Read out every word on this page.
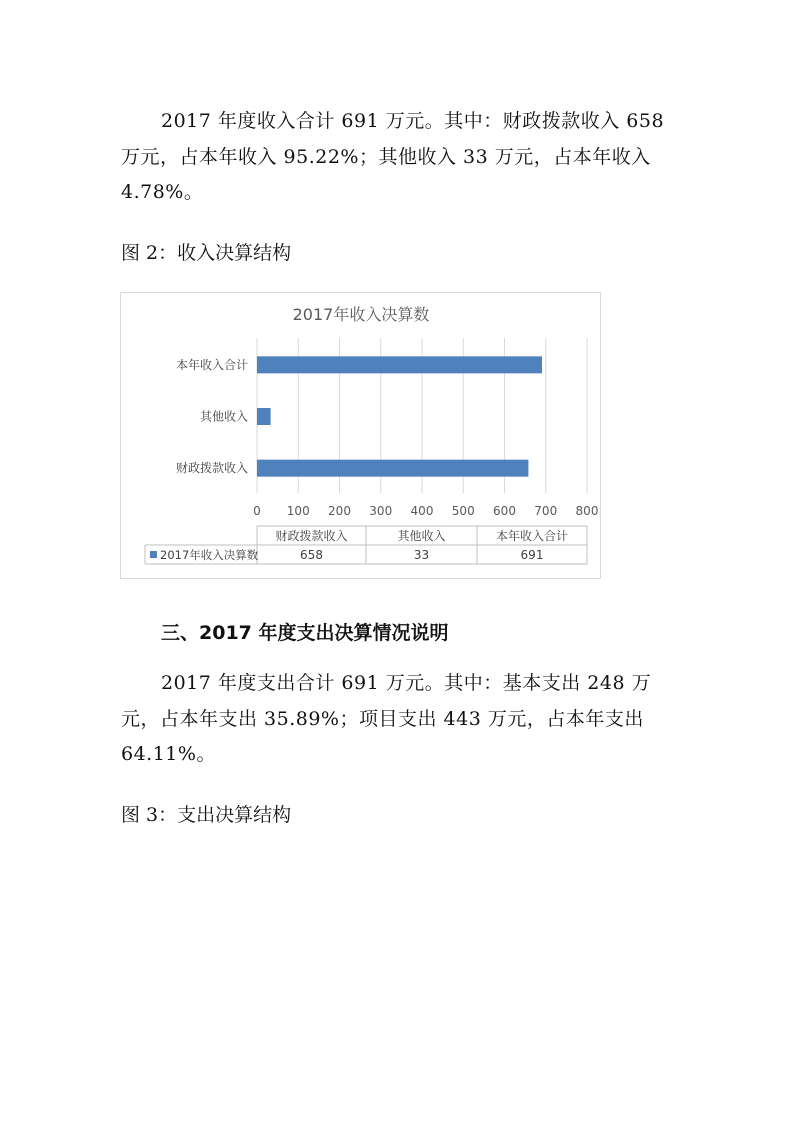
2017 年度收入合计 691 万元。其中：财政拨款收入 658 万元，占本年收入 95.22%；其他收入 33 万元，占本年收入 4.78%。

图 2：收入决算结构

2017年收入决算数
财政拨款收入
其他收入
本年收入合计
0 100 200 300 400 500 600 700 800
财政拨款收入	其他收入	本年收入合计
2017年收入决算数	658	33	691

三、2017 年度支出决算情况说明

2017 年度支出合计 691 万元。其中：基本支出 248 万元，占本年支出 35.89%；项目支出 443 万元，占本年支出 64.11%。

图 3：支出决算结构
